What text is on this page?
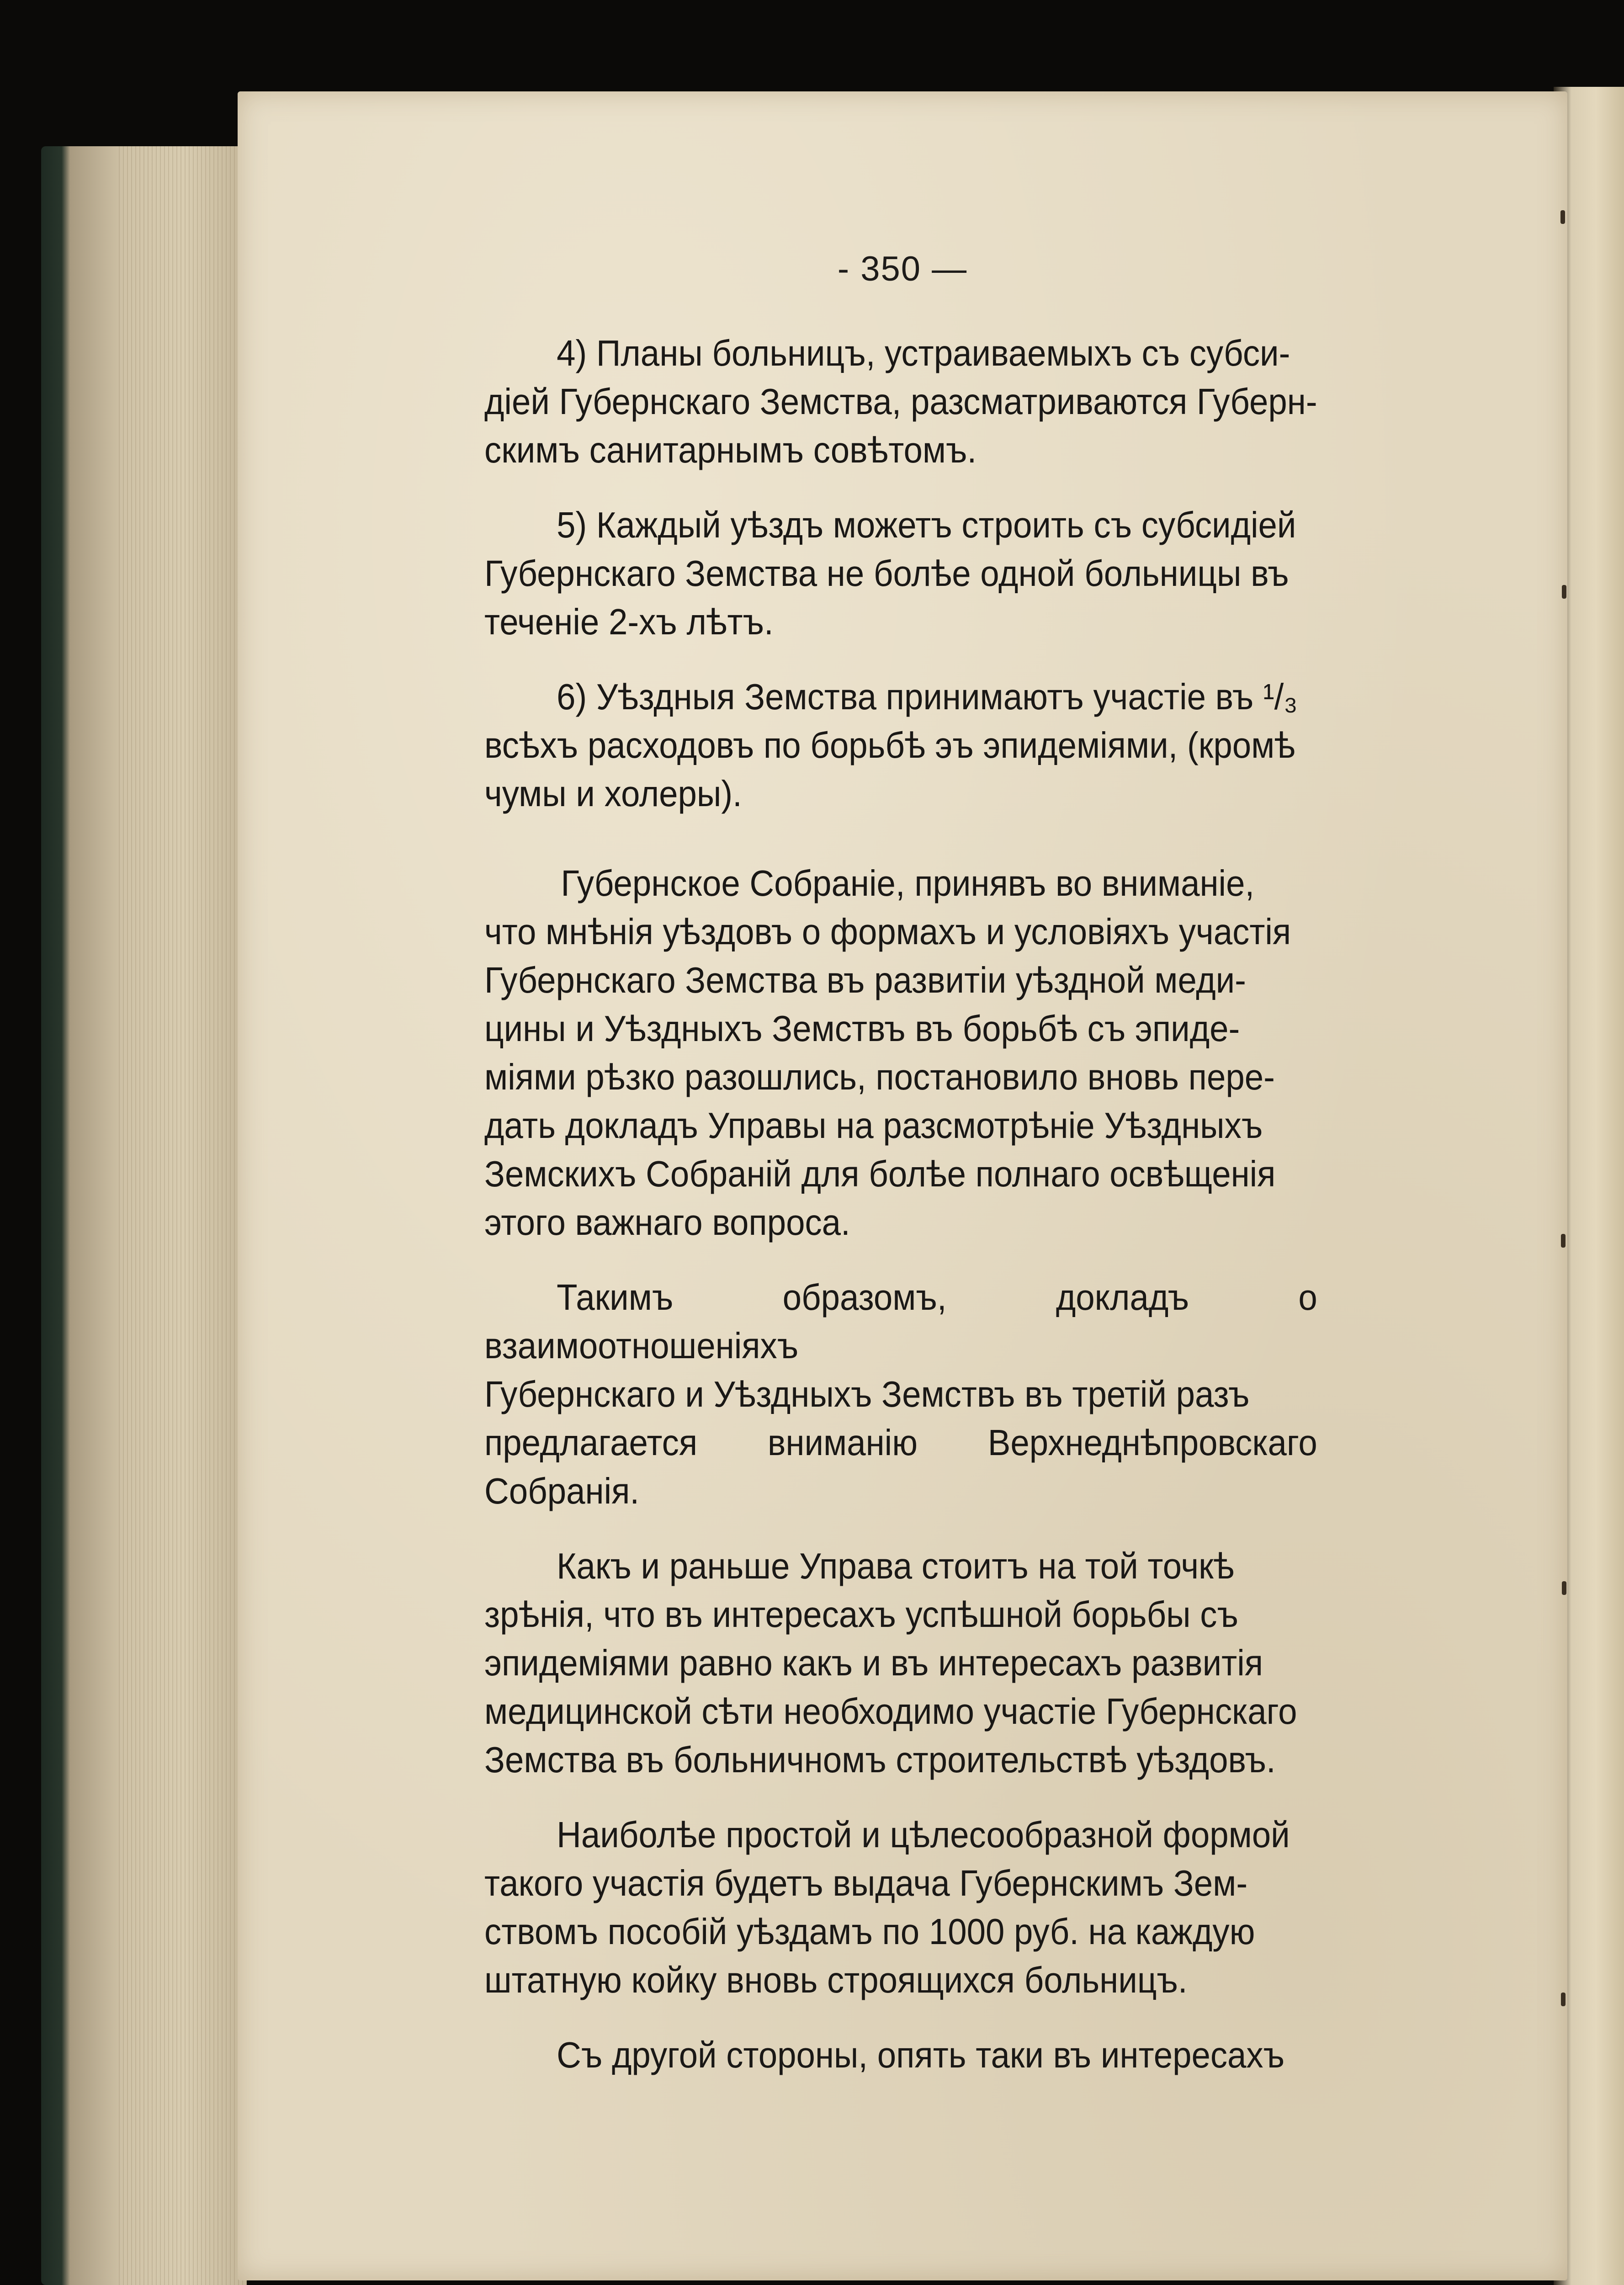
- 350 —

4) Планы больницъ, устраиваемыхъ съ субси-

діей Губернскаго Земства, разсматриваются Губерн-

скимъ санитарнымъ совѣтомъ.

5) Каждый уѣздъ можетъ строить съ субсидіей

Губернскаго Земства не болѣе одной больницы въ

теченіе 2-хъ лѣтъ.

6) Уѣздныя Земства принимаютъ участіе въ ¹/₃

всѣхъ расходовъ по борьбѣ эъ эпидеміями, (кромѣ

чумы и холеры).

Губернское Собраніе, принявъ во вниманіе,

что мнѣнія уѣздовъ о формахъ и условіяхъ участія

Губернскаго Земства въ развитіи уѣздной меди-

цины и Уѣздныхъ Земствъ въ борьбѣ съ эпиде-

міями рѣзко разошлись, постановило вновь пере-

дать докладъ Управы на разсмотрѣніе Уѣздныхъ

Земскихъ Собраній для болѣе полнаго освѣщенія

этого важнаго вопроса.

Такимъ образомъ, докладъ о взаимоотношеніяхъ

Губернскаго и Уѣздныхъ Земствъ въ третій разъ

предлагается вниманію Верхнеднѣпровскаго Собранія.

Какъ и раньше Управа стоитъ на той точкѣ

зрѣнія, что въ интересахъ успѣшной борьбы съ

эпидеміями равно какъ и въ интересахъ развитія

медицинской сѣти необходимо участіе Губернскаго

Земства въ больничномъ строительствѣ уѣздовъ.

Наиболѣе простой и цѣлесообразной формой

такого участія будетъ выдача Губернскимъ Зем-

ствомъ пособій уѣздамъ по 1000 руб. на каждую

штатную койку вновь строящихся больницъ.

Съ другой стороны, опять таки въ интересахъ
